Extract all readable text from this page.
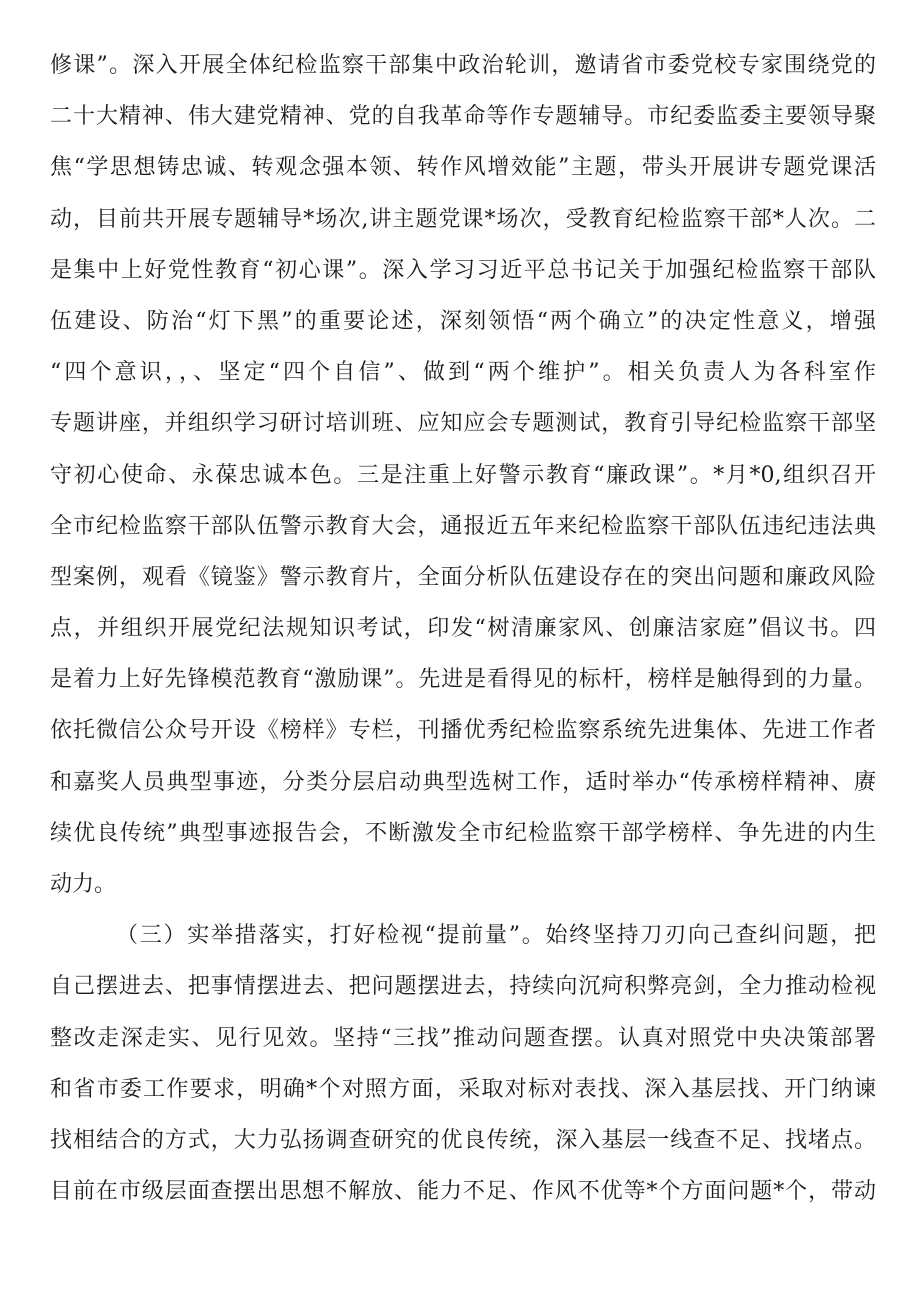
修课”。深入开展全体纪检监察干部集中政治轮训，邀请省市委党校专家围绕党的
二十大精神、伟大建党精神、党的自我革命等作专题辅导。市纪委监委主要领导聚
焦“学思想铸忠诚、转观念强本领、转作风增效能”主题，带头开展讲专题党课活
动，目前共开展专题辅导*场次,讲主题党课*场次，受教育纪检监察干部*人次。二
是集中上好党性教育“初心课”。深入学习习近平总书记关于加强纪检监察干部队
伍建设、防治“灯下黑”的重要论述，深刻领悟“两个确立”的决定性意义，增强
“四个意识，，、坚定“四个自信”、做到“两个维护”。相关负责人为各科室作
专题讲座，并组织学习研讨培训班、应知应会专题测试，教育引导纪检监察干部坚
守初心使命、永葆忠诚本色。三是注重上好警示教育“廉政课”。*月*0,组织召开
全市纪检监察干部队伍警示教育大会，通报近五年来纪检监察干部队伍违纪违法典
型案例，观看《镜鉴》警示教育片，全面分析队伍建设存在的突出问题和廉政风险
点，并组织开展党纪法规知识考试，印发“树清廉家风、创廉洁家庭”倡议书。四
是着力上好先锋模范教育“激励课”。先进是看得见的标杆，榜样是触得到的力量。
依托微信公众号开设《榜样》专栏，刊播优秀纪检监察系统先进集体、先进工作者
和嘉奖人员典型事迹，分类分层启动典型选树工作，适时举办“传承榜样精神、赓
续优良传统”典型事迹报告会，不断激发全市纪检监察干部学榜样、争先进的内生
动力。
（三）实举措落实，打好检视“提前量”。始终坚持刀刃向己查纠问题，把
自己摆进去、把事情摆进去、把问题摆进去，持续向沉疴积弊亮剑，全力推动检视
整改走深走实、见行见效。坚持“三找”推动问题查摆。认真对照党中央决策部署
和省市委工作要求，明确*个对照方面，采取对标对表找、深入基层找、开门纳谏
找相结合的方式，大力弘扬调查研究的优良传统，深入基层一线查不足、找堵点。
目前在市级层面查摆出思想不解放、能力不足、作风不优等*个方面问题*个，带动
